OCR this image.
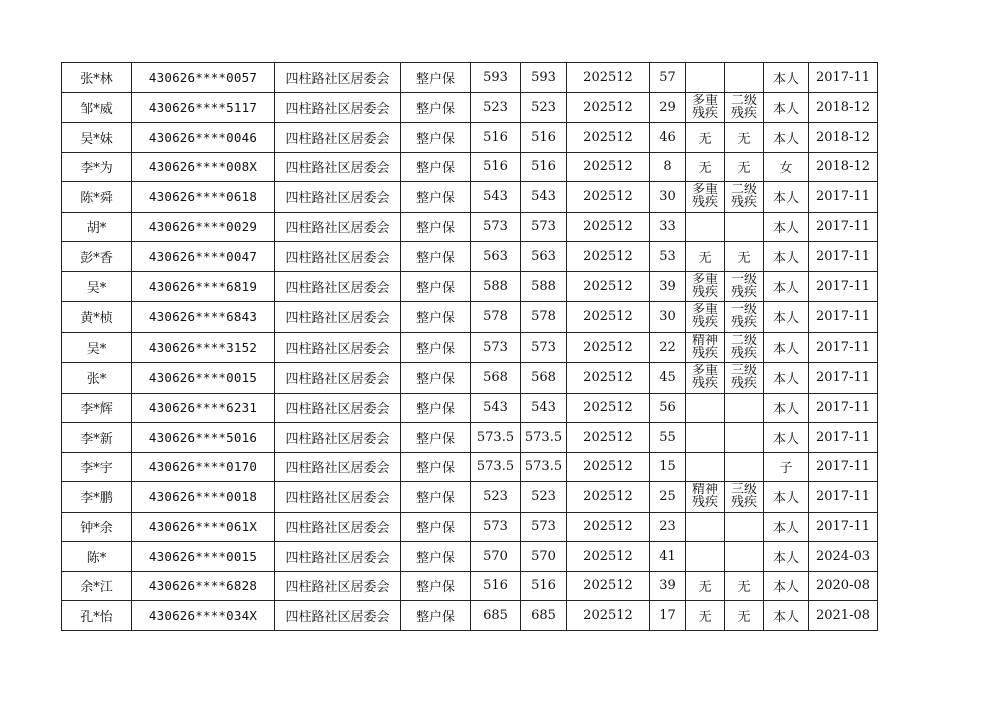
张*林	430626****0057	四柱路社区居委会	整户保	593	593	202512	57			本人	2017-11
邹*威	430626****5117	四柱路社区居委会	整户保	523	523	202512	29	多重残疾	二级残疾	本人	2018-12
吴*妹	430626****0046	四柱路社区居委会	整户保	516	516	202512	46	无	无	本人	2018-12
李*为	430626****008X	四柱路社区居委会	整户保	516	516	202512	8	无	无	女	2018-12
陈*舜	430626****0618	四柱路社区居委会	整户保	543	543	202512	30	多重残疾	二级残疾	本人	2017-11
胡*	430626****0029	四柱路社区居委会	整户保	573	573	202512	33			本人	2017-11
彭*香	430626****0047	四柱路社区居委会	整户保	563	563	202512	53	无	无	本人	2017-11
吴*	430626****6819	四柱路社区居委会	整户保	588	588	202512	39	多重残疾	一级残疾	本人	2017-11
黄*桢	430626****6843	四柱路社区居委会	整户保	578	578	202512	30	多重残疾	一级残疾	本人	2017-11
吴*	430626****3152	四柱路社区居委会	整户保	573	573	202512	22	精神残疾	二级残疾	本人	2017-11
张*	430626****0015	四柱路社区居委会	整户保	568	568	202512	45	多重残疾	三级残疾	本人	2017-11
李*辉	430626****6231	四柱路社区居委会	整户保	543	543	202512	56			本人	2017-11
李*新	430626****5016	四柱路社区居委会	整户保	573.5	573.5	202512	55			本人	2017-11
李*宇	430626****0170	四柱路社区居委会	整户保	573.5	573.5	202512	15			子	2017-11
李*鹏	430626****0018	四柱路社区居委会	整户保	523	523	202512	25	精神残疾	三级残疾	本人	2017-11
钟*余	430626****061X	四柱路社区居委会	整户保	573	573	202512	23			本人	2017-11
陈*	430626****0015	四柱路社区居委会	整户保	570	570	202512	41			本人	2024-03
余*江	430626****6828	四柱路社区居委会	整户保	516	516	202512	39	无	无	本人	2020-08
孔*怡	430626****034X	四柱路社区居委会	整户保	685	685	202512	17	无	无	本人	2021-08
